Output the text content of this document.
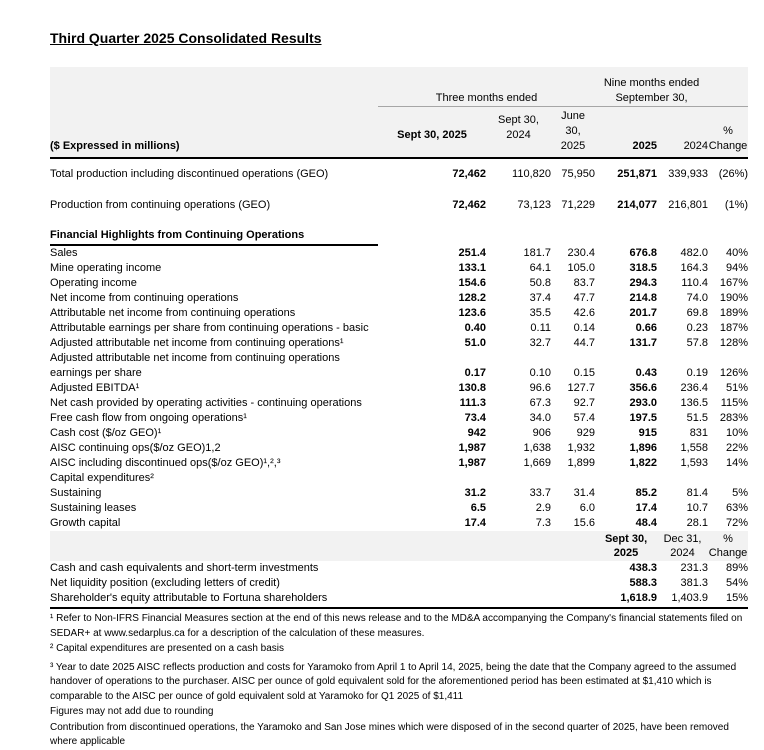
Third Quarter 2025 Consolidated Results
	Three months ended			Nine months ended September 30,		
($ Expressed in millions)	Sept 30, 2025	Sept 30, 2024	June 30, 2025	2025	2024	% Change
Total production including discontinued operations (GEO)	72,462	110,820	75,950	251,871	339,933	(26%)
Production from continuing operations (GEO)	72,462	73,123	71,229	214,077	216,801	(1%)
Financial Highlights from Continuing Operations						
Sales	251.4	181.7	230.4	676.8	482.0	40%
Mine operating income	133.1	64.1	105.0	318.5	164.3	94%
Operating income	154.6	50.8	83.7	294.3	110.4	167%
Net income from continuing operations	128.2	37.4	47.7	214.8	74.0	190%
Attributable net income from continuing operations	123.6	35.5	42.6	201.7	69.8	189%
Attributable earnings per share from continuing operations - basic	0.40	0.11	0.14	0.66	0.23	187%
Adjusted attributable net income from continuing operations¹	51.0	32.7	44.7	131.7	57.8	128%
Adjusted attributable net income from continuing operations earnings per share	0.17	0.10	0.15	0.43	0.19	126%
Adjusted EBITDA¹	130.8	96.6	127.7	356.6	236.4	51%
Net cash provided by operating activities - continuing operations	111.3	67.3	92.7	293.0	136.5	115%
Free cash flow from ongoing operations¹	73.4	34.0	57.4	197.5	51.5	283%
Cash cost ($/oz GEO)¹	942	906	929	915	831	10%
AISC continuing ops($/oz GEO)1,2	1,987	1,638	1,932	1,896	1,558	22%
AISC including discontinued ops($/oz GEO)¹,²,³	1,987	1,669	1,899	1,822	1,593	14%
Capital expenditures²						
Sustaining	31.2	33.7	31.4	85.2	81.4	5%
Sustaining leases	6.5	2.9	6.0	17.4	10.7	63%
Growth capital	17.4	7.3	15.6	48.4	28.1	72%
				Sept 30, 2025	Dec 31, 2024	% Change
Cash and cash equivalents and short-term investments				438.3	231.3	89%
Net liquidity position (excluding letters of credit)				588.3	381.3	54%
Shareholder's equity attributable to Fortuna shareholders				1,618.9	1,403.9	15%
¹ Refer to Non-IFRS Financial Measures section at the end of this news release and to the MD&A accompanying the Company's financial statements filed on SEDAR+ at www.sedarplus.ca for a description of the calculation of these measures.
² Capital expenditures are presented on a cash basis
³ Year to date 2025 AISC reflects production and costs for Yaramoko from April 1 to April 14, 2025, being the date that the Company agreed to the assumed handover of operations to the purchaser. AISC per ounce of gold equivalent sold for the aforementioned period has been estimated at $1,410 which is comparable to the AISC per ounce of gold equivalent sold at Yaramoko for Q1 2025 of $1,411
Figures may not add due to rounding
Contribution from discontinued operations, the Yaramoko and San Jose mines which were disposed of in the second quarter of 2025, have been removed where applicable
